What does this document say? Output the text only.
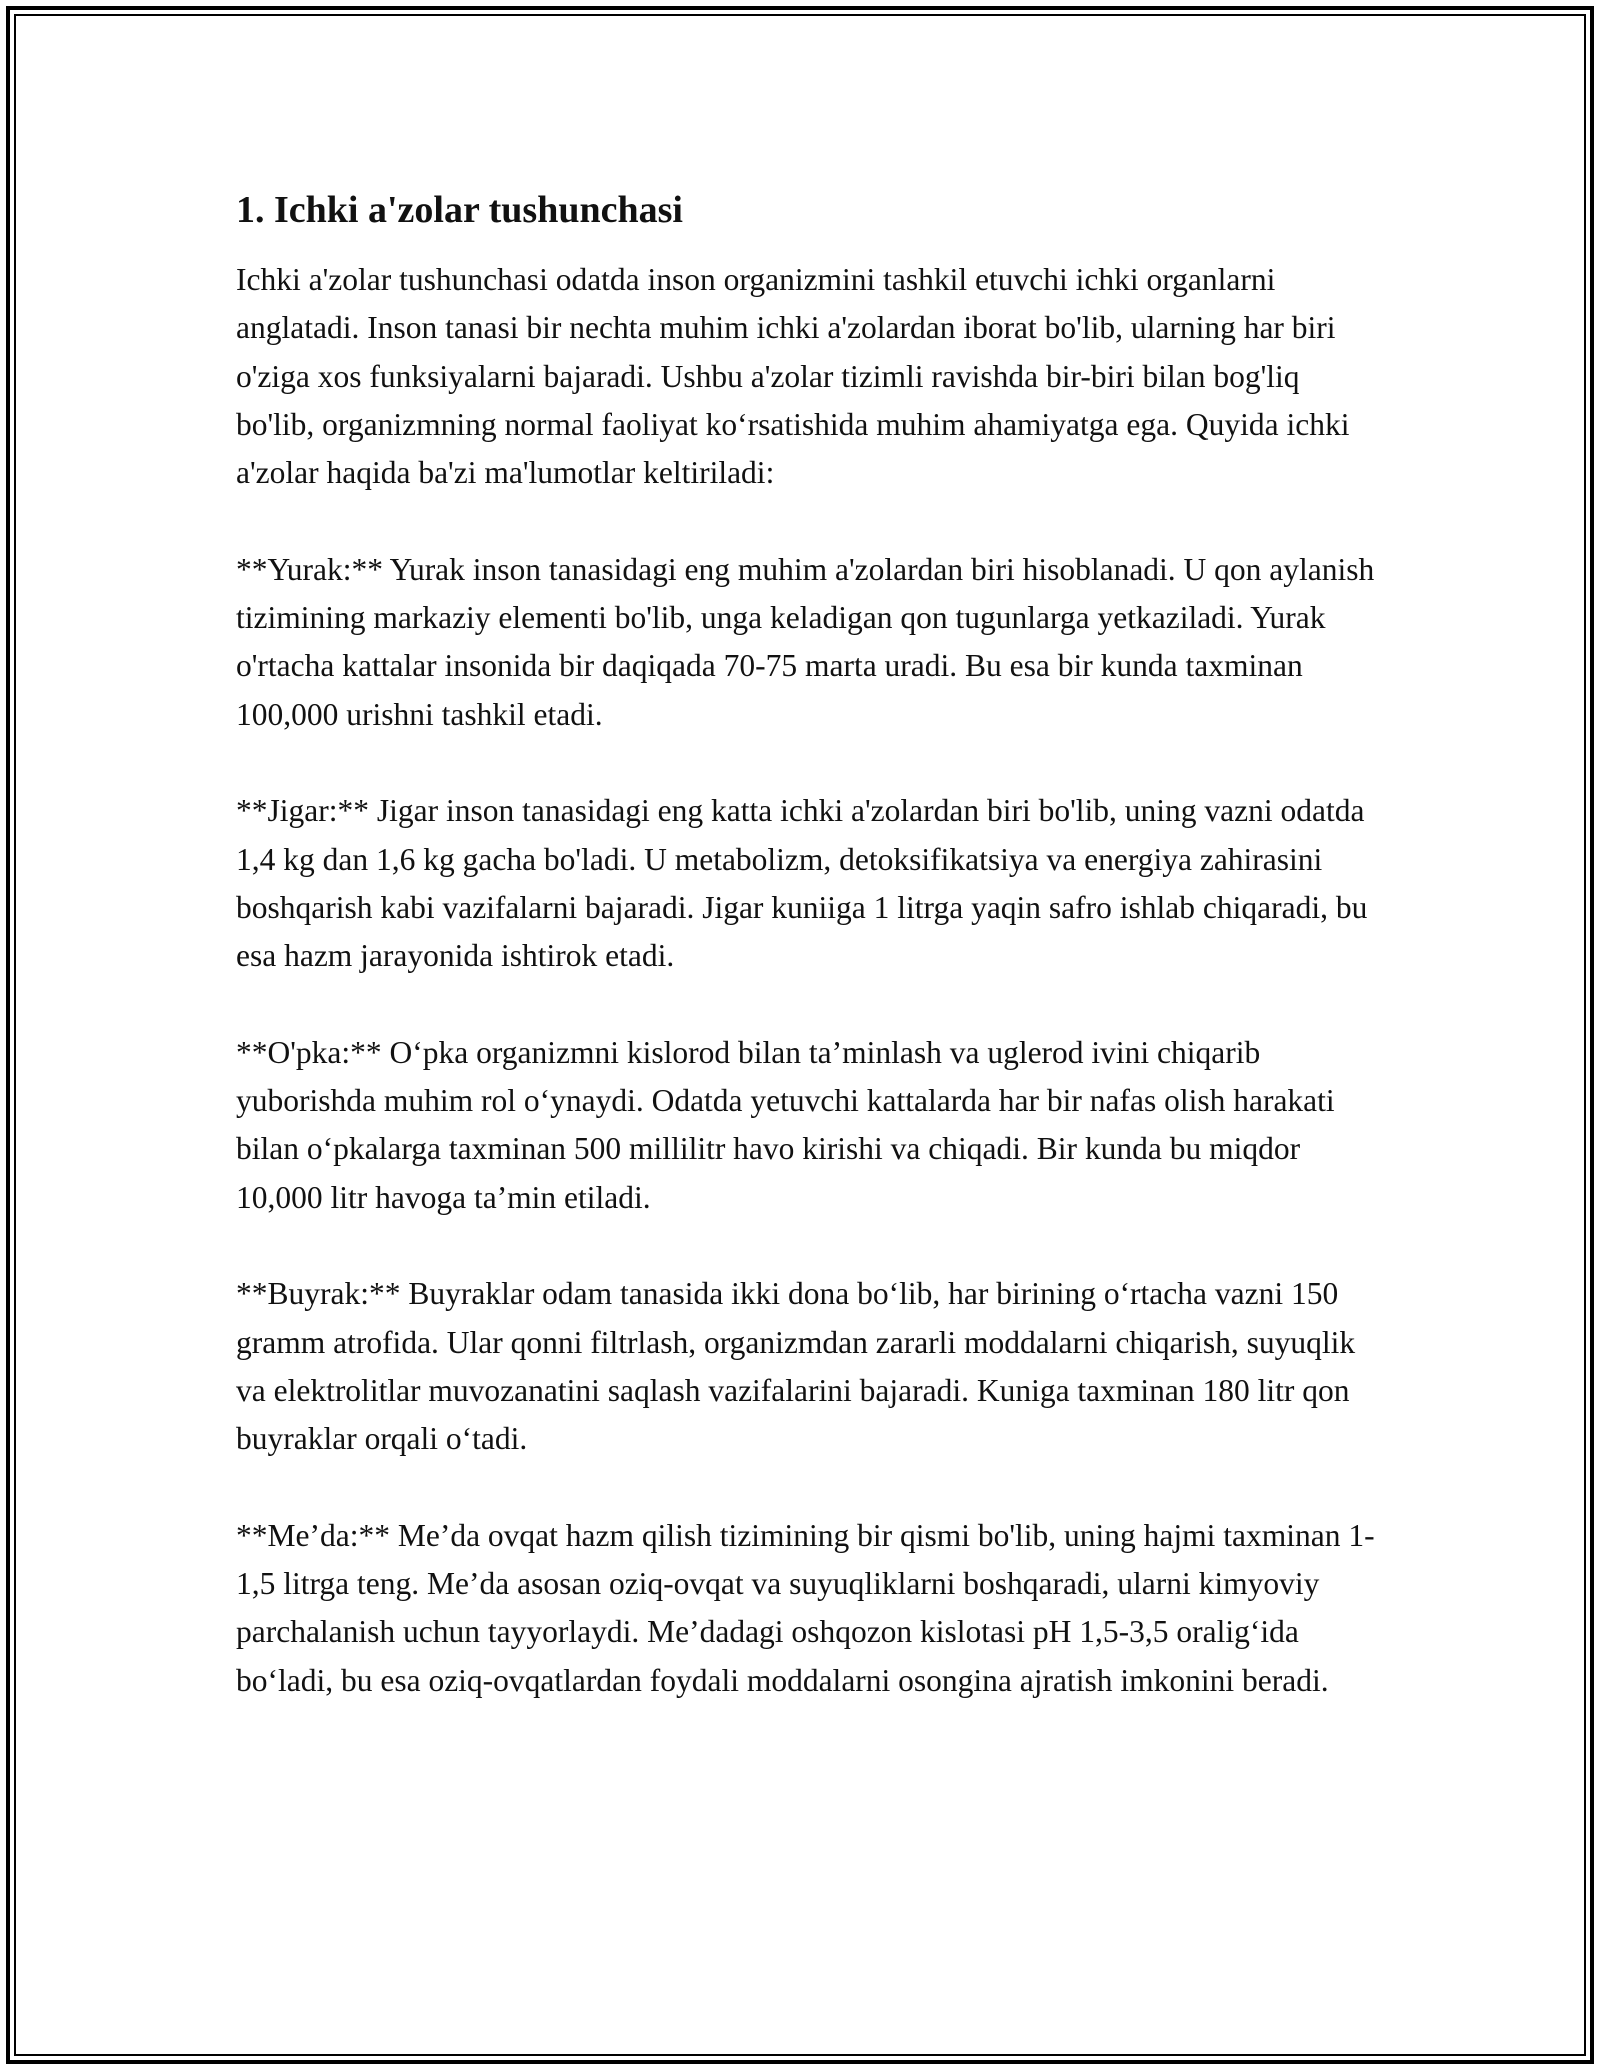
1. Ichki a'zolar tushunchasi

Ichki a'zolar tushunchasi odatda inson organizmini tashkil etuvchi ichki organlarni anglatadi. Inson tanasi bir nechta muhim ichki a'zolardan iborat bo'lib, ularning har biri o'ziga xos funksiyalarni bajaradi. Ushbu a'zolar tizimli ravishda bir-biri bilan bog'liq bo'lib, organizmning normal faoliyat ko‘rsatishida muhim ahamiyatga ega. Quyida ichki a'zolar haqida ba'zi ma'lumotlar keltiriladi:

**Yurak:** Yurak inson tanasidagi eng muhim a'zolardan biri hisoblanadi. U qon aylanish tizimining markaziy elementi bo'lib, unga keladigan qon tugunlarga yetkaziladi. Yurak o'rtacha kattalar insonida bir daqiqada 70-75 marta uradi. Bu esa bir kunda taxminan 100,000 urishni tashkil etadi.

**Jigar:** Jigar inson tanasidagi eng katta ichki a'zolardan biri bo'lib, uning vazni odatda 1,4 kg dan 1,6 kg gacha bo'ladi. U metabolizm, detoksifikatsiya va energiya zahirasini boshqarish kabi vazifalarni bajaradi. Jigar kuniiga 1 litrga yaqin safro ishlab chiqaradi, bu esa hazm jarayonida ishtirok etadi.

**O'pka:** O‘pka organizmni kislorod bilan ta’minlash va uglerod ivini chiqarib yuborishda muhim rol o‘ynaydi. Odatda yetuvchi kattalarda har bir nafas olish harakati bilan o‘pkalarga taxminan 500 millilitr havo kirishi va chiqadi. Bir kunda bu miqdor 10,000 litr havoga ta’min etiladi.

**Buyrak:** Buyraklar odam tanasida ikki dona bo‘lib, har birining o‘rtacha vazni 150 gramm atrofida. Ular qonni filtrlash, organizmdan zararli moddalarni chiqarish, suyuqlik va elektrolitlar muvozanatini saqlash vazifalarini bajaradi. Kuniga taxminan 180 litr qon buyraklar orqali o‘tadi.

**Me’da:** Me’da ovqat hazm qilish tizimining bir qismi bo'lib, uning hajmi taxminan 1-1,5 litrga teng. Me’da asosan oziq-ovqat va suyuqliklarni boshqaradi, ularni kimyoviy parchalanish uchun tayyorlaydi. Me’dadagi oshqozon kislotasi pH 1,5-3,5 oralig‘ida bo‘ladi, bu esa oziq-ovqatlardan foydali moddalarni osongina ajratish imkonini beradi.
